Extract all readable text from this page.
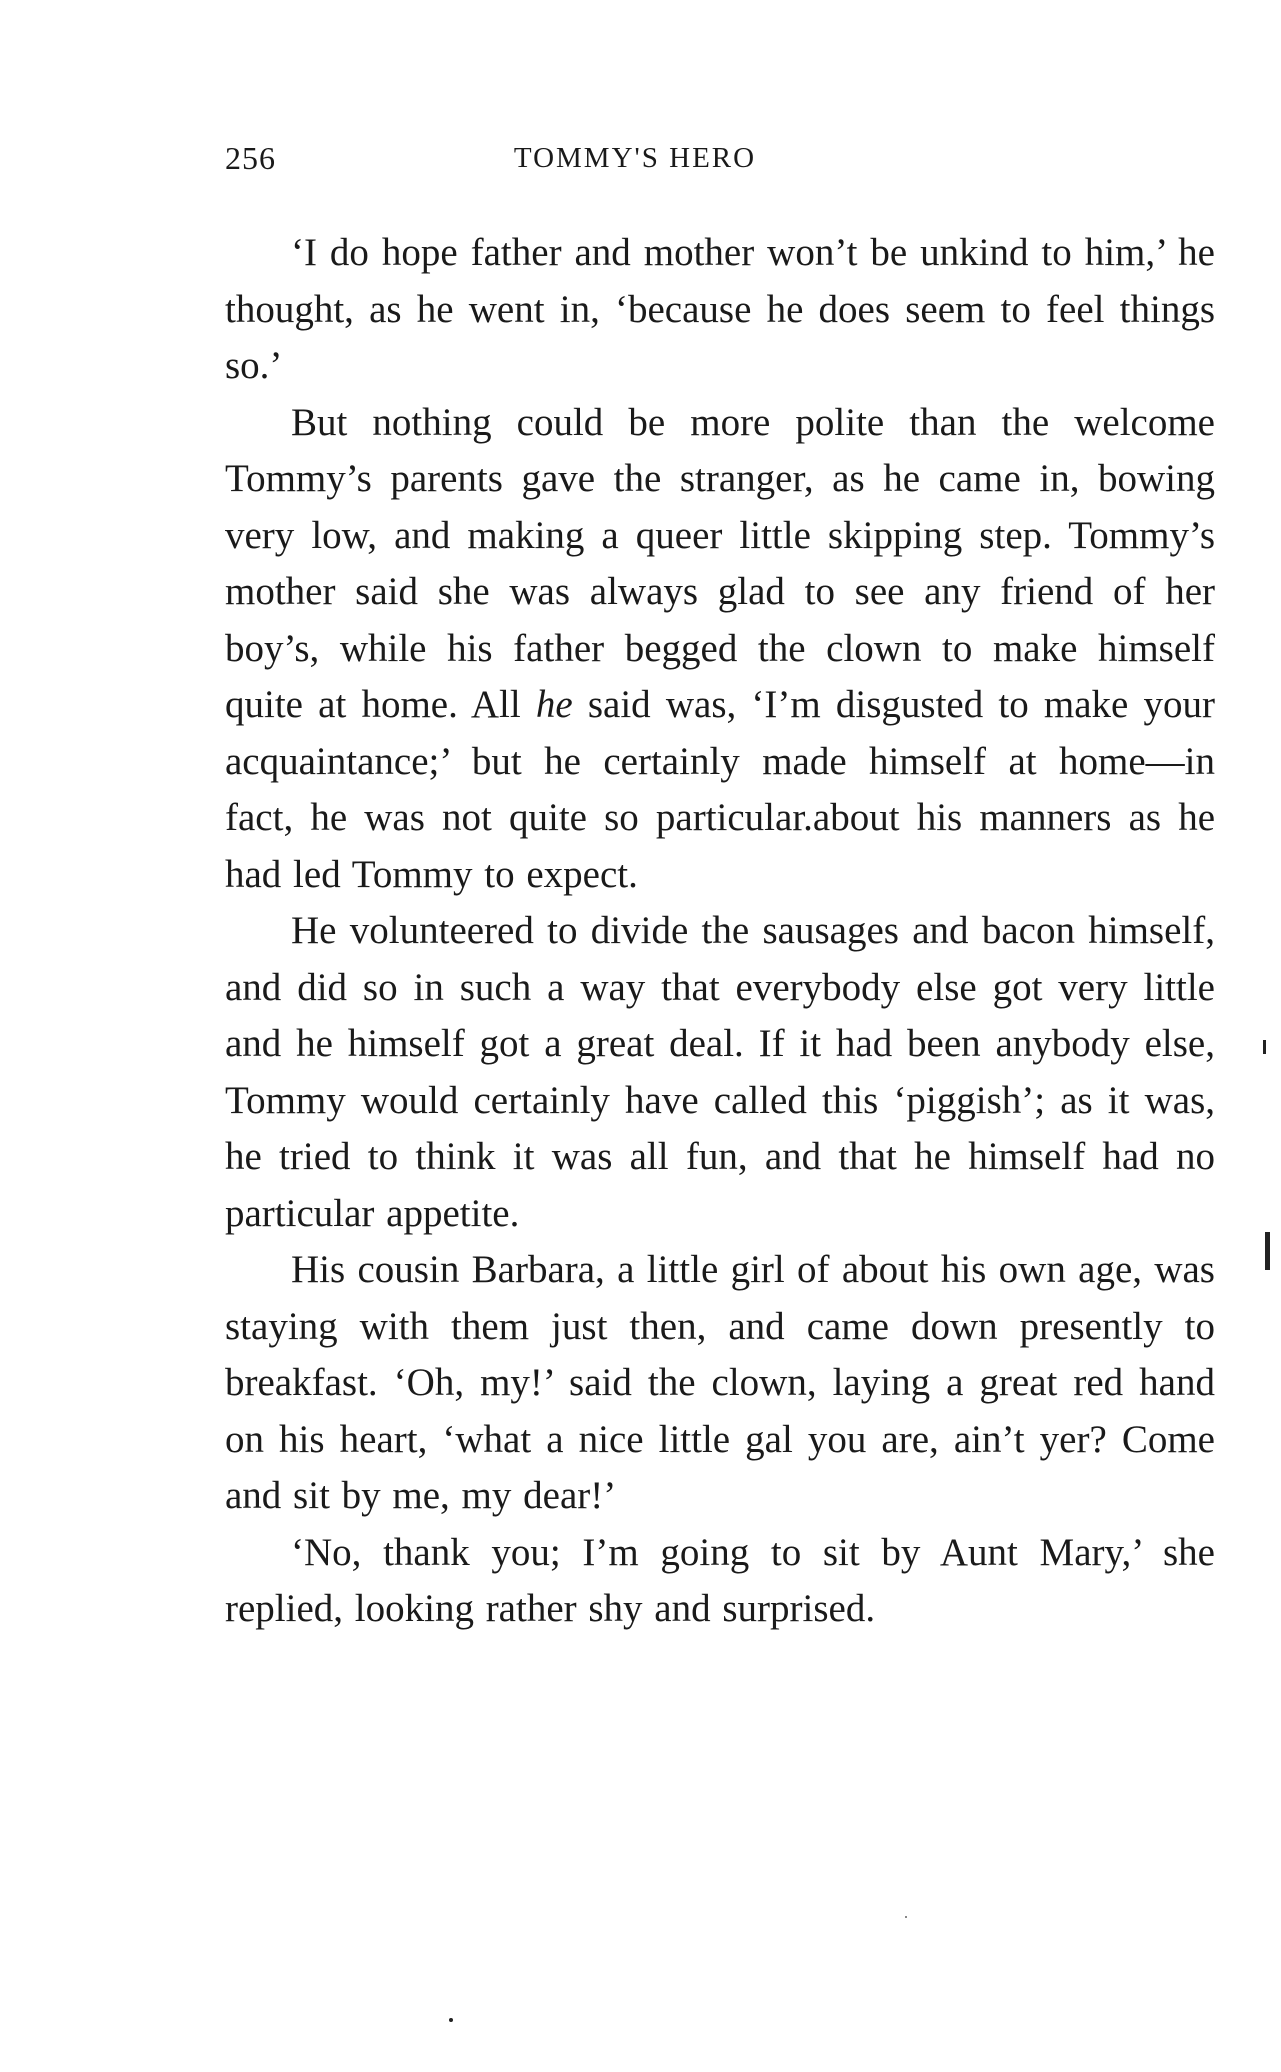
256	TOMMY'S HERO

‘I do hope father and mother won’t be unkind to him,’ he thought, as he went in, ‘because he does seem to feel things so.’

But nothing could be more polite than the welcome Tommy’s parents gave the stranger, as he came in, bowing very low, and making a queer little skipping step. Tommy’s mother said she was always glad to see any friend of her boy’s, while his father begged the clown to make himself quite at home. All he said was, ‘I’m disgusted to make your acquaintance;’ but he certainly made himself at home—in fact, he was not quite so particular.about his manners as he had led Tommy to expect.

He volunteered to divide the sausages and bacon himself, and did so in such a way that everybody else got very little and he himself got a great deal. If it had been anybody else, Tommy would certainly have called this ‘piggish’; as it was, he tried to think it was all fun, and that he himself had no particular appetite.

His cousin Barbara, a little girl of about his own age, was staying with them just then, and came down presently to breakfast. ‘Oh, my!’ said the clown, laying a great red hand on his heart, ‘what a nice little gal you are, ain’t yer? Come and sit by me, my dear!’

‘No, thank you; I’m going to sit by Aunt Mary,’ she replied, looking rather shy and surprised.
